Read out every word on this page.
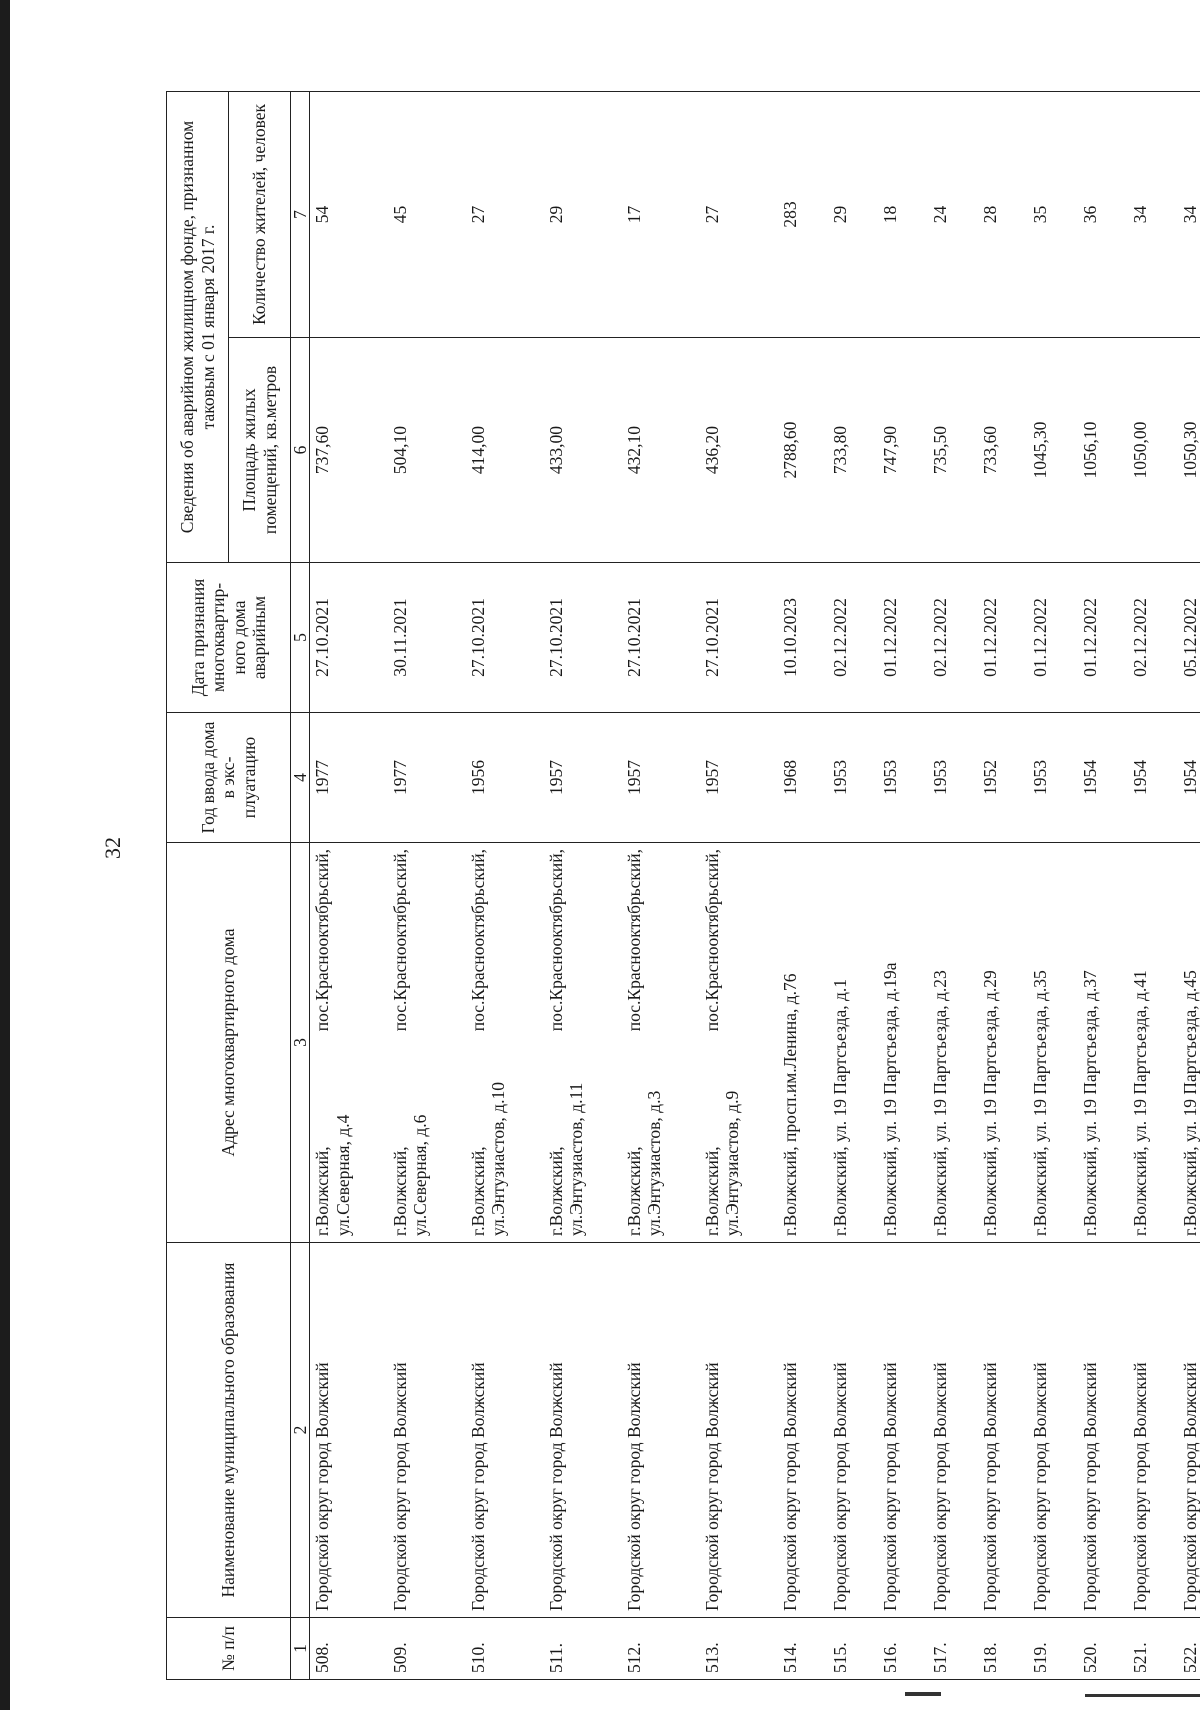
32
№ п/п	Наименование муниципального образования	Адрес многоквартирного дома	Год ввода дома в экс-плуатацию	Дата признания многоквартир-ного дома аварийным	Сведения об аварийном жилищном фонде, признанном таковым с 01 января 2017 г.	
					Площадь жилых помещений, кв.метров	Количество жителей, человек
1	2	3	4	5	6	7
508.	Городской округ город Волжский	г.Волжский,
пос.Краснооктябрьский,
ул.Северная, д.4	1977	27.10.2021	737,60	54
509.	Городской округ город Волжский	г.Волжский,
пос.Краснооктябрьский,
ул.Северная, д.6	1977	30.11.2021	504,10	45
510.	Городской округ город Волжский	г.Волжский,
пос.Краснооктябрьский,
ул.Энтузиастов, д.10	1956	27.10.2021	414,00	27
511.	Городской округ город Волжский	г.Волжский,
пос.Краснооктябрьский,
ул.Энтузиастов, д.11	1957	27.10.2021	433,00	29
512.	Городской округ город Волжский	г.Волжский,
пос.Краснооктябрьский,
ул.Энтузиастов, д.3	1957	27.10.2021	432,10	17
513.	Городской округ город Волжский	г.Волжский,
пос.Краснооктябрьский,
ул.Энтузиастов, д.9	1957	27.10.2021	436,20	27
514.	Городской округ город Волжский	г.Волжский, просп.им.Ленина, д.76	1968	10.10.2023	2788,60	283
515.	Городской округ город Волжский	г.Волжский, ул. 19 Партсъезда, д.1	1953	02.12.2022	733,80	29
516.	Городской округ город Волжский	г.Волжский, ул. 19 Партсъезда, д.19а	1953	01.12.2022	747,90	18
517.	Городской округ город Волжский	г.Волжский, ул. 19 Партсъезда, д.23	1953	02.12.2022	735,50	24
518.	Городской округ город Волжский	г.Волжский, ул. 19 Партсъезда, д.29	1952	01.12.2022	733,60	28
519.	Городской округ город Волжский	г.Волжский, ул. 19 Партсъезда, д.35	1953	01.12.2022	1045,30	35
520.	Городской округ город Волжский	г.Волжский, ул. 19 Партсъезда, д.37	1954	01.12.2022	1056,10	36
521.	Городской округ город Волжский	г.Волжский, ул. 19 Партсъезда, д.41	1954	02.12.2022	1050,00	34
522.	Городской округ город Волжский	г.Волжский, ул. 19 Партсъезда, д.45	1954	05.12.2022	1050,30	34
